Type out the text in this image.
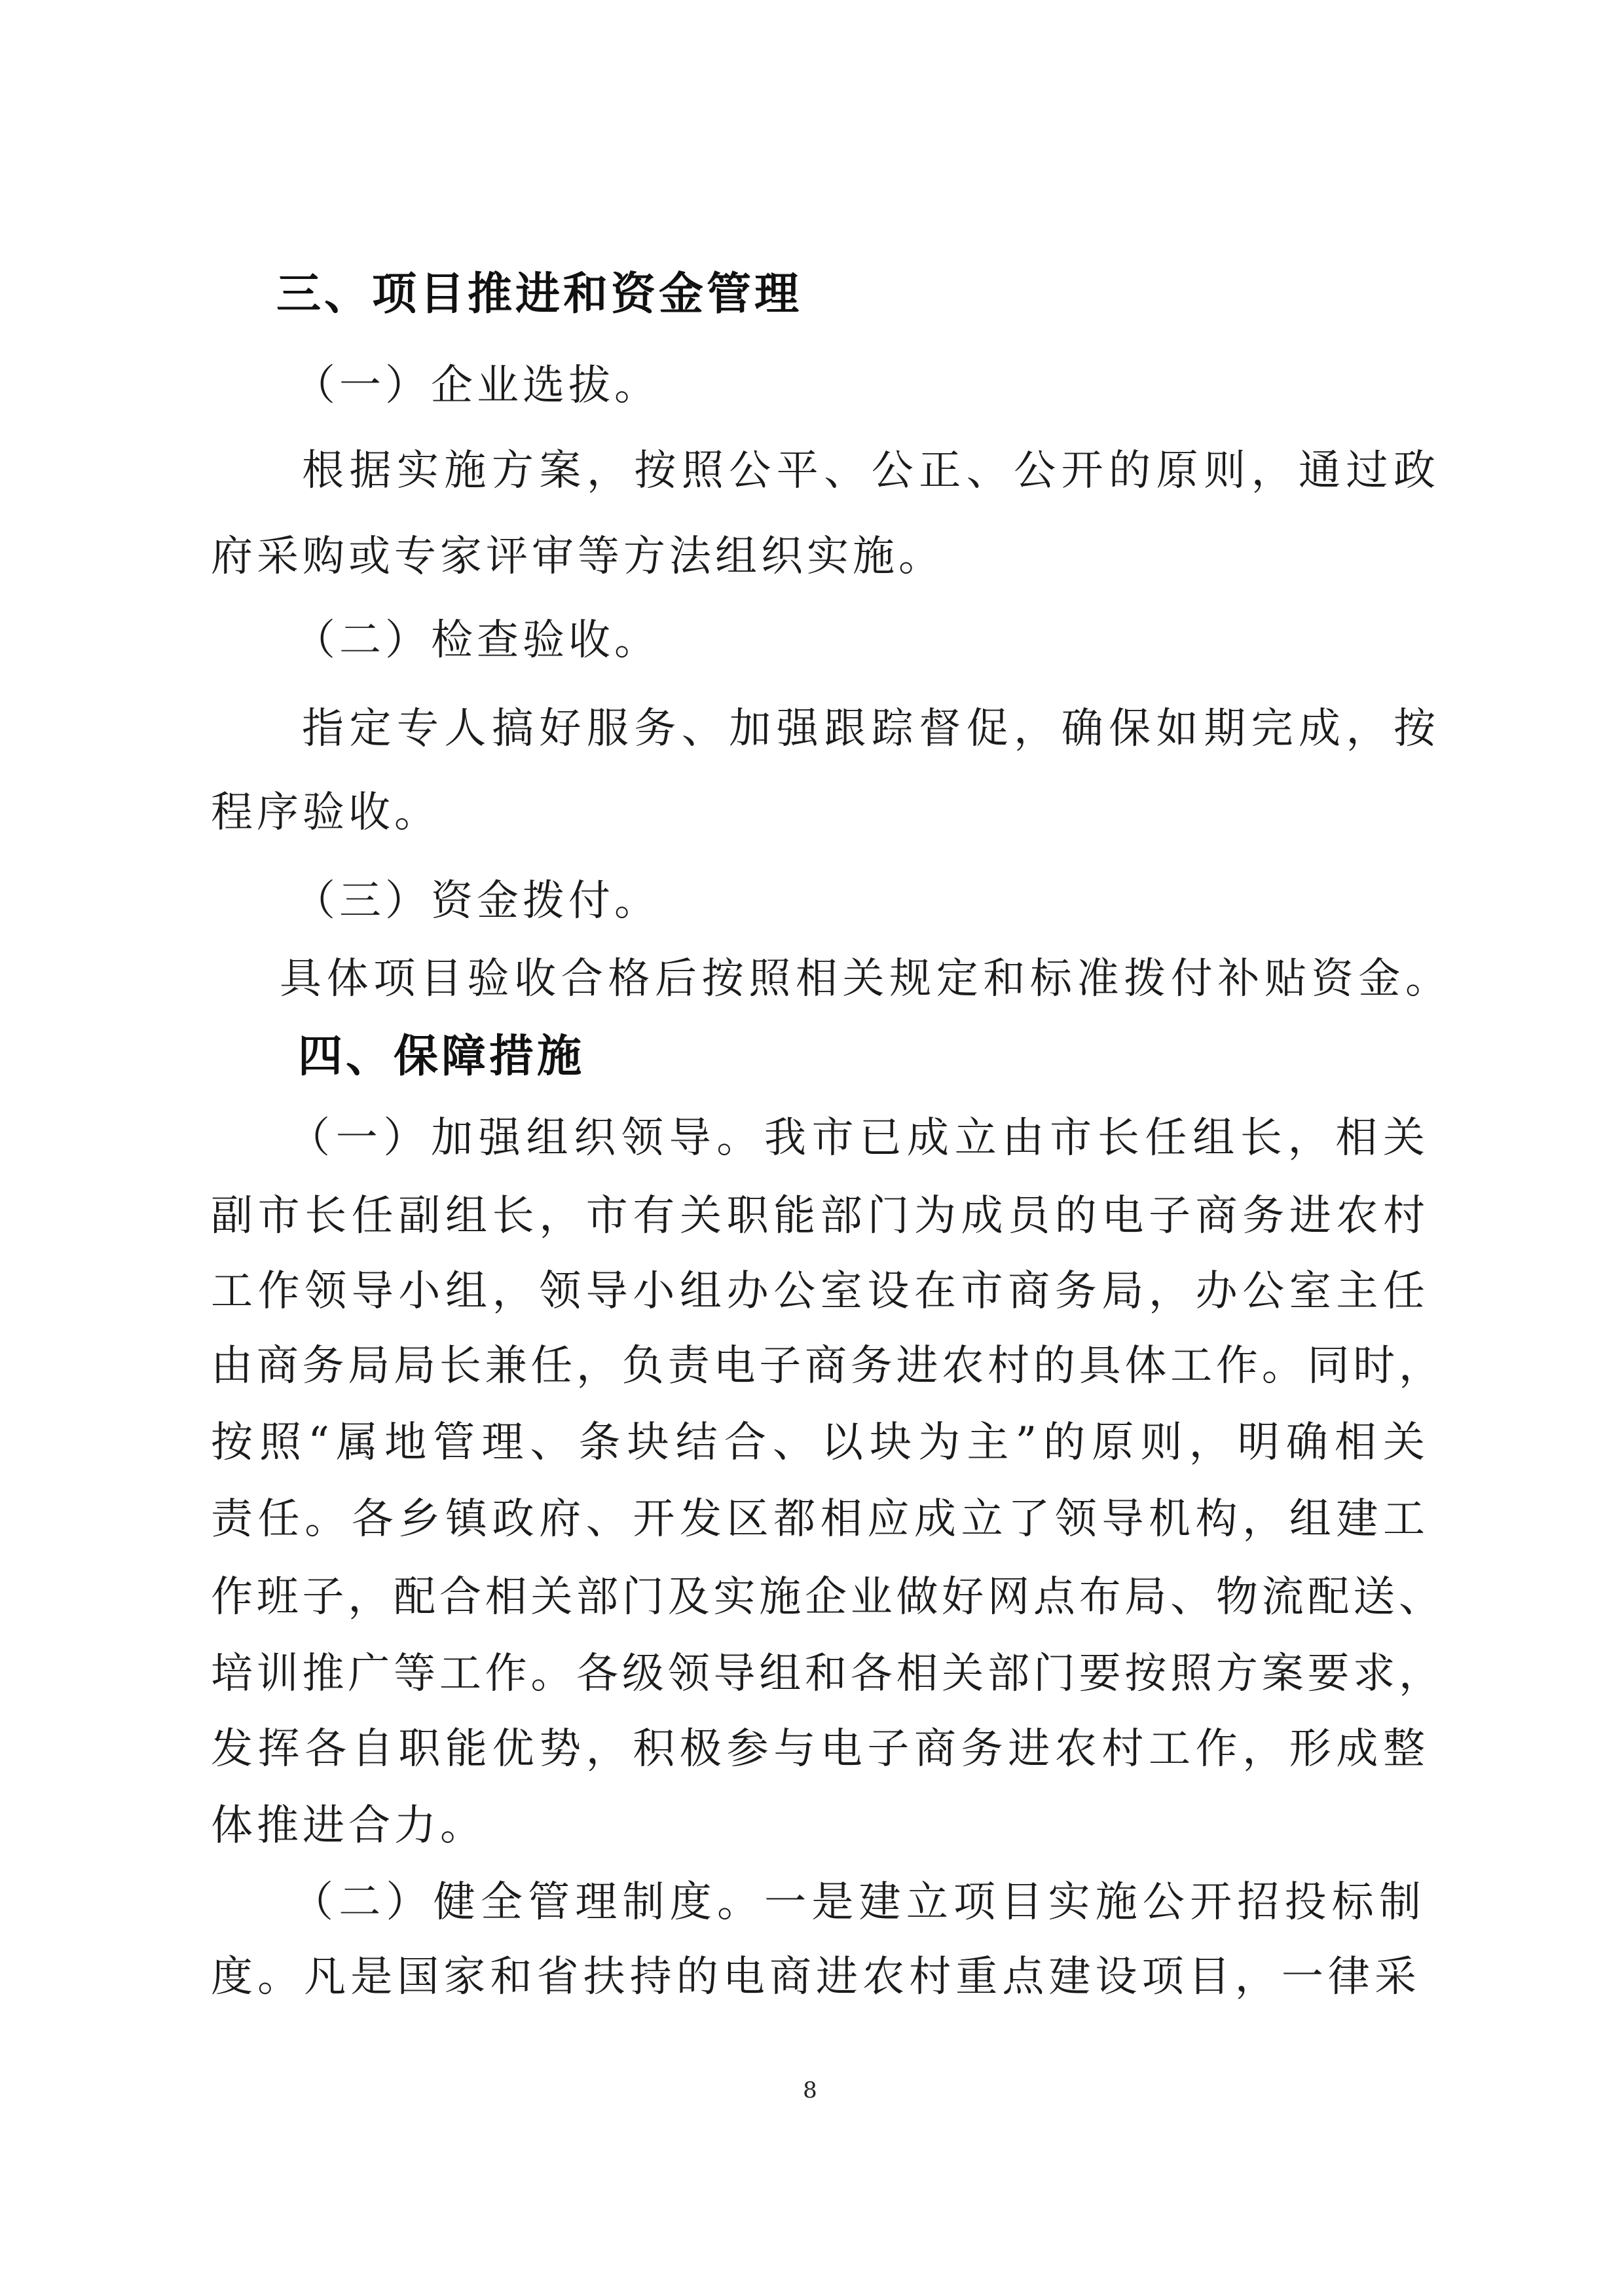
三、项目推进和资金管理
（一）企业选拔。
根据实施方案，按照公平、公正、公开的原则，通过政
府采购或专家评审等方法组织实施。
（二）检查验收。
指定专人搞好服务、加强跟踪督促，确保如期完成，按
程序验收。
（三）资金拨付。
具体项目验收合格后按照相关规定和标准拨付补贴资金。
四、保障措施
（一）加强组织领导。我市已成立由市长任组长，相关
副市长任副组长，市有关职能部门为成员的电子商务进农村
工作领导小组，领导小组办公室设在市商务局，办公室主任
由商务局局长兼任，负责电子商务进农村的具体工作。同时，
按照“属地管理、条块结合、以块为主”的原则，明确相关
责任。各乡镇政府、开发区都相应成立了领导机构，组建工
作班子，配合相关部门及实施企业做好网点布局、物流配送、
培训推广等工作。各级领导组和各相关部门要按照方案要求，
发挥各自职能优势，积极参与电子商务进农村工作，形成整
体推进合力。
（二）健全管理制度。一是建立项目实施公开招投标制
度。凡是国家和省扶持的电商进农村重点建设项目，一律采
8
